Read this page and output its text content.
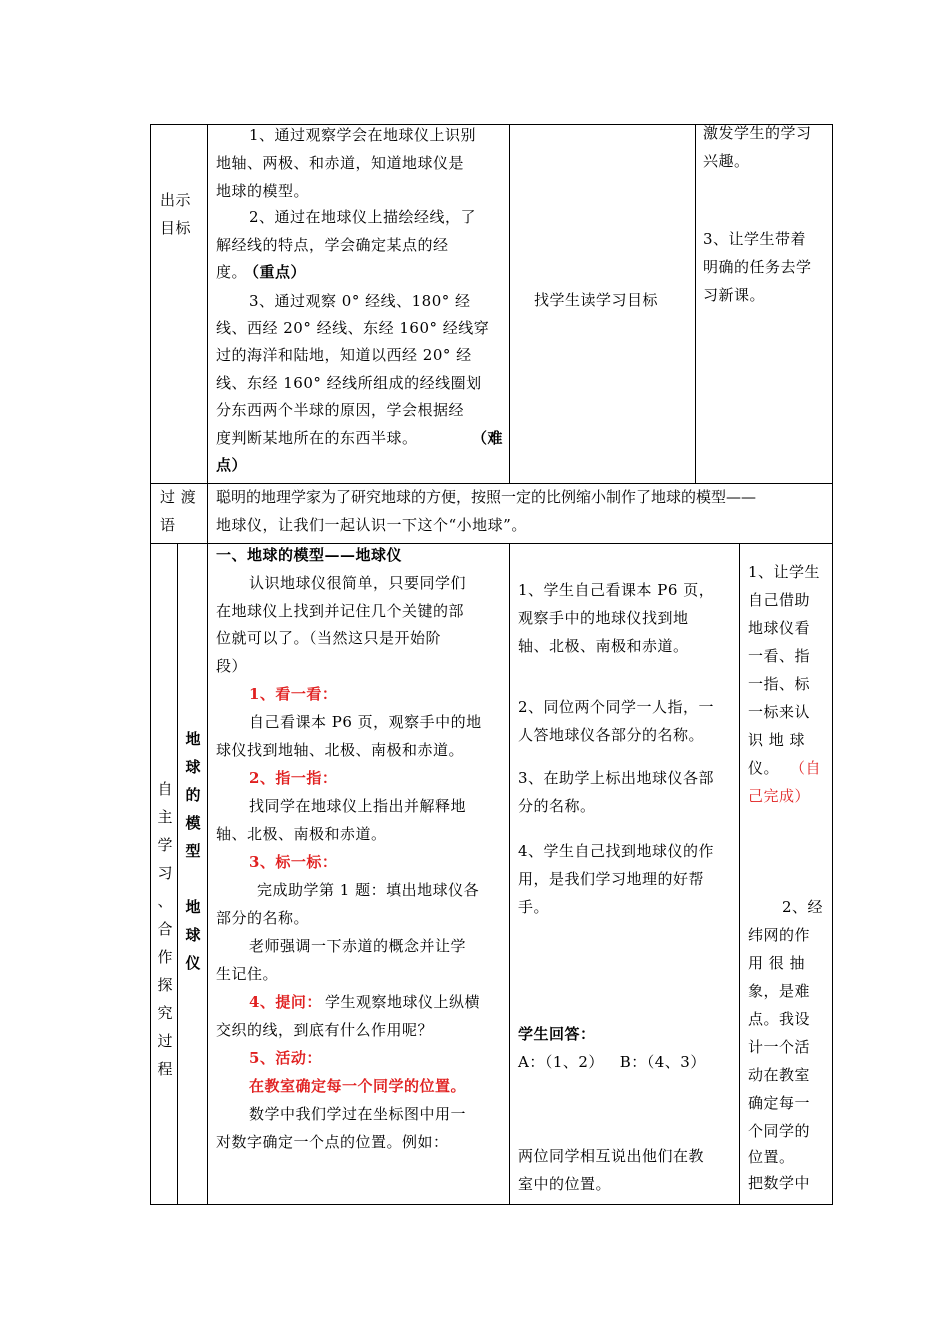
出示
目标
1、通过观察学会在地球仪上识别
地轴、两极、和赤道，知道地球仪是
地球的模型。
2、通过在地球仪上描绘经线，了
解经线的特点，学会确定某点的经
度。
（重点）
3、通过观察 0° 经线、180° 经
线、西经 20° 经线、东经 160° 经线穿
过的海洋和陆地，知道以西经 20° 经
线、东经 160° 经线所组成的经线圈划
分东西两个半球的原因，学会根据经
度判断某地所在的东西半球。	（难
点）
找学生读学习目标
激发学生的学习
兴趣。
3、让学生带着
明确的任务去学
习新课。
过 渡
语
聪明的地理学家为了研究地球的方便，按照一定的比例缩小制作了地球的模型——
地球仪，让我们一起认识一下这个“小地球”。
自
主
学
习
、
合
作
探
究
过
程
地
球
的
模
型
地
球
仪
一、地球的模型——地球仪
认识地球仪很简单，只要同学们
在地球仪上找到并记住几个关键的部
位就可以了。（当然这只是开始阶
段）
1、看一看：
自己看课本 P6 页，观察手中的地
球仪找到地轴、北极、南极和赤道。
2、指一指：
找同学在地球仪上指出并解释地
轴、北极、南极和赤道。
3、标一标：
完成助学第 1 题：填出地球仪各
部分的名称。
老师强调一下赤道的概念并让学
生记住。
4、提问： 学生观察地球仪上纵横
交织的线，到底有什么作用呢？
5、活动：
在教室确定每一个同学的位置。
数学中我们学过在坐标图中用一
对数字确定一个点的位置。例如：
1、学生自己看课本 P6 页，
观察手中的地球仪找到地
轴、北极、南极和赤道。
2、同位两个同学一人指，一
人答地球仪各部分的名称。
3、在助学上标出地球仪各部
分的名称。
4、学生自己找到地球仪的作
用，是我们学习地理的好帮
手。
学生回答：
A：（1、2）   B：（4、3）
两位同学相互说出他们在教
室中的位置。
1、让学生
自己借助
地球仪看
一看、指
一指、标
一标来认
识 地 球
仪。 （自
己完成）
2、经
纬网的作
用 很 抽
象，是难
点。我设
计一个活
动在教室
确定每一
个同学的
位置。
把数学中
